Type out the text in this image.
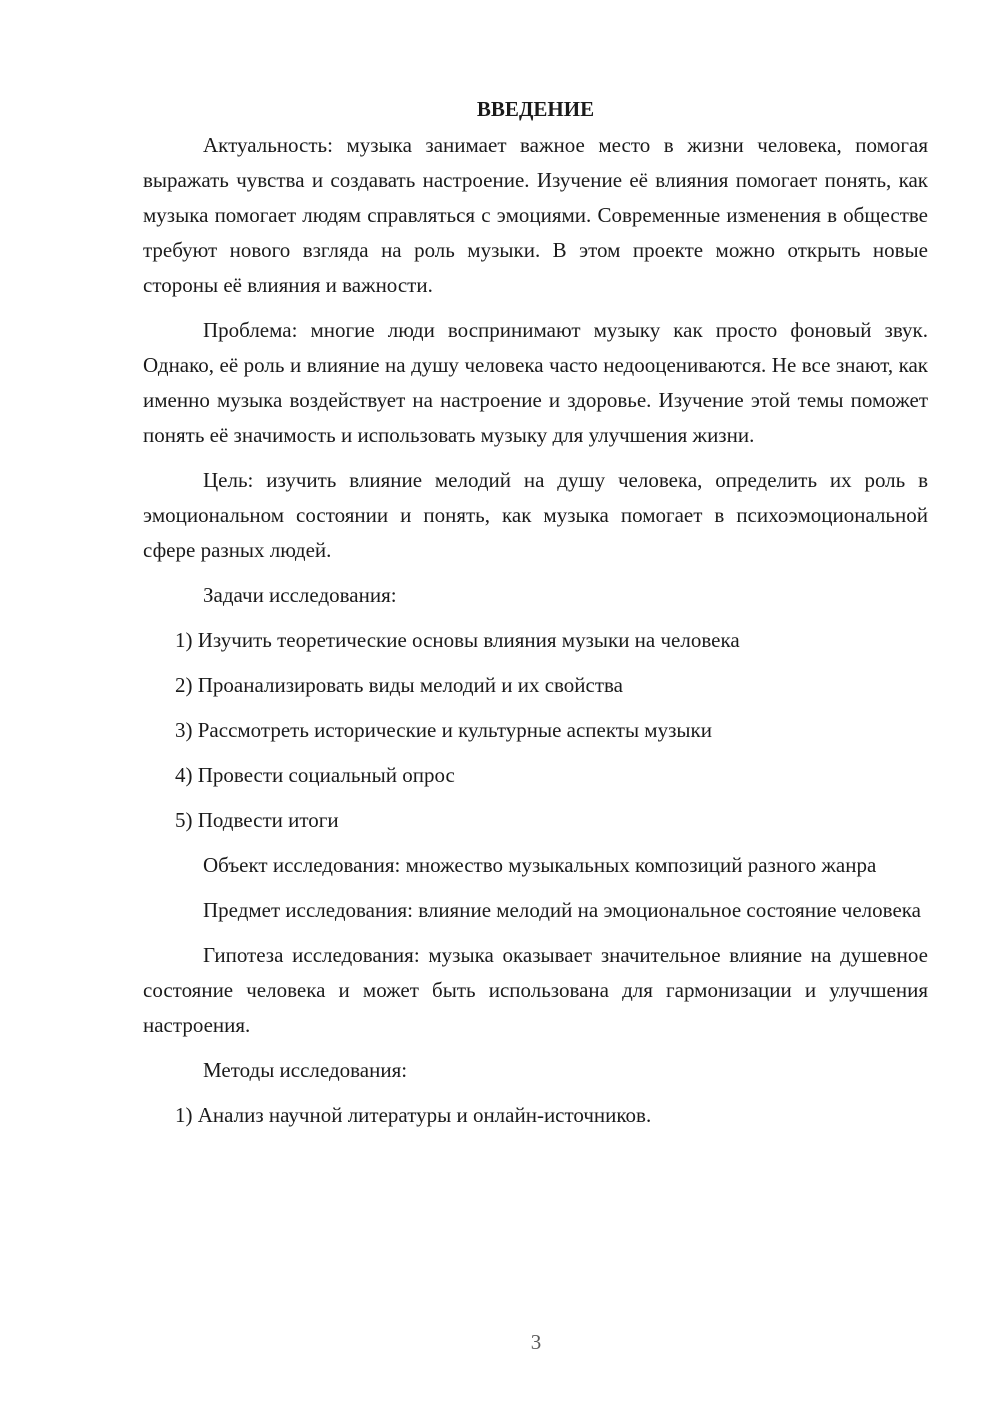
ВВЕДЕНИЕ

Актуальность: музыка занимает важное место в жизни человека, помогая выражать чувства и создавать настроение. Изучение её влияния помогает понять, как музыка помогает людям справляться с эмоциями. Современные изменения в обществе требуют нового взгляда на роль музыки. В этом проекте можно открыть новые стороны её влияния и важности.

Проблема: многие люди воспринимают музыку как просто фоновый звук. Однако, её роль и влияние на душу человека часто недооцениваются. Не все знают, как именно музыка воздействует на настроение и здоровье. Изучение этой темы поможет понять её значимость и использовать музыку для улучшения жизни.

Цель: изучить влияние мелодий на душу человека, определить их роль в эмоциональном состоянии и понять, как музыка помогает в психоэмоциональной сфере разных людей.

Задачи исследования:
1) Изучить теоретические основы влияния музыки на человека
2) Проанализировать виды мелодий и их свойства
3) Рассмотреть исторические и культурные аспекты музыки
4) Провести социальный опрос
5) Подвести итоги

Объект исследования: множество музыкальных композиций разного жанра

Предмет исследования: влияние мелодий на эмоциональное состояние человека

Гипотеза исследования: музыка оказывает значительное влияние на душевное состояние человека и может быть использована для гармонизации и улучшения настроения.

Методы исследования:
1) Анализ научной литературы и онлайн-источников.
3
